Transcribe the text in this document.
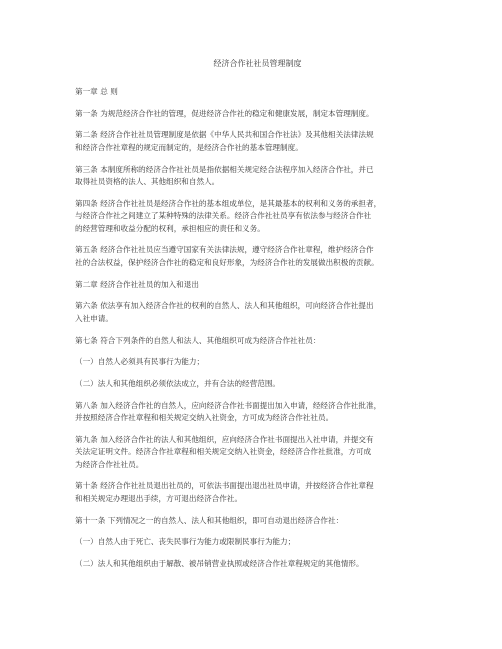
经济合作社社员管理制度
第一章 总 则
第一条 为规范经济合作社的管理，促进经济合作社的稳定和健康发展，制定本管理制度。
第二条 经济合作社社员管理制度是依据《中华人民共和国合作社法》及其他相关法律法规
和经济合作社章程的规定而制定的，是经济合作社的基本管理制度。
第三条 本制度所称的经济合作社社员是指依据相关规定经合法程序加入经济合作社，并已
取得社员资格的法人、其他组织和自然人。
第四条 经济合作社社员是经济合作社的基本组成单位，是其最基本的权利和义务的承担者，
与经济合作社之间建立了某种特殊的法律关系。经济合作社社员享有依法参与经济合作社
的经营管理和收益分配的权利，承担相应的责任和义务。
第五条 经济合作社社员应当遵守国家有关法律法规，遵守经济合作社章程，维护经济合作
社的合法权益，保护经济合作社的稳定和良好形象，为经济合作社的发展做出积极的贡献。
第二章 经济合作社社员的加入和退出
第六条 依法享有加入经济合作社的权利的自然人、法人和其他组织，可向经济合作社提出
入社申请。
第七条 符合下列条件的自然人和法人、其他组织可成为经济合作社社员：
（一）自然人必须具有民事行为能力；
（二）法人和其他组织必须依法成立，并有合法的经营范围。
第八条 加入经济合作社的自然人，应向经济合作社书面提出加入申请，经经济合作社批准，
并按照经济合作社章程和相关规定交纳入社资金，方可成为经济合作社社员。
第九条 加入经济合作社的法人和其他组织，应向经济合作社书面提出入社申请，并提交有
关法定证明文件。经济合作社章程和相关规定交纳入社资金，经经济合作社批准，方可成
为经济合作社社员。
第十条 经济合作社社员退出社员的，可依法书面提出退出社员申请，并按经济合作社章程
和相关规定办理退出手续，方可退出经济合作社。
第十一条 下列情况之一的自然人、法人和其他组织，即可自动退出经济合作社：
（一）自然人由于死亡、丧失民事行为能力或限制民事行为能力；
（二）法人和其他组织由于解散、被吊销营业执照或经济合作社章程规定的其他情形。
